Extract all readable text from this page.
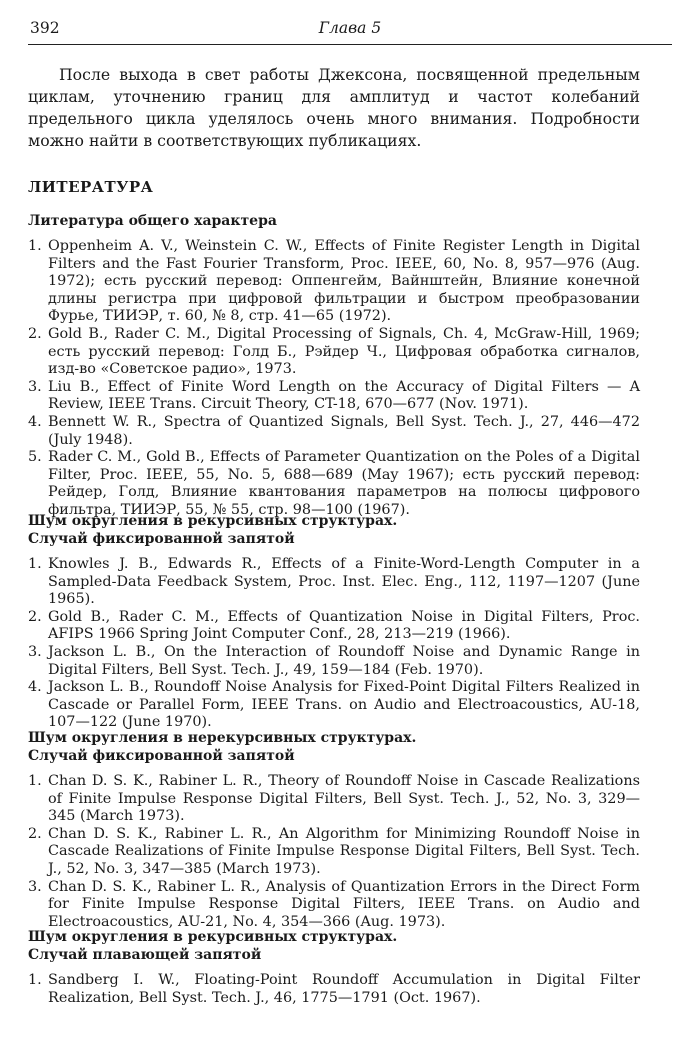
392	Глава 5

После выхода в свет работы Джексона, посвященной предельным циклам, уточнению границ для амплитуд и частот колебаний предельного цикла уделялось очень много внимания. Подробности можно найти в соответствующих публикациях.

ЛИТЕРАТУРА
Литература общего характера
1. Oppenheim A. V., Weinstein C. W., Effects of Finite Register Length in Digital Filters and the Fast Fourier Transform, Proc. IEEE, 60, No. 8, 957—976 (Aug. 1972); есть русский перевод: Оппенгейм, Вайнштейн, Влияние конечной длины регистра при цифровой фильтрации и быстром преобразовании Фурье, ТИИЭР, т. 60, № 8, стр. 41—65 (1972).
2. Gold B., Rader C. M., Digital Processing of Signals, Ch. 4, McGraw-Hill, 1969; есть русский перевод: Голд Б., Рэйдер Ч., Цифровая обработка сигналов, изд-во «Советское радио», 1973.
3. Liu B., Effect of Finite Word Length on the Accuracy of Digital Filters — A Review, IEEE Trans. Circuit Theory, CT-18, 670—677 (Nov. 1971).
4. Bennett W. R., Spectra of Quantized Signals, Bell Syst. Tech. J., 27, 446—472 (July 1948).
5. Rader C. M., Gold B., Effects of Parameter Quantization on the Poles of a Digital Filter, Proc. IEEE, 55, No. 5, 688—689 (May 1967); есть русский перевод: Рейдер, Голд, Влияние квантования параметров на полюсы цифрового фильтра, ТИИЭР, 55, № 55, стр. 98—100 (1967).
Шум округления в рекурсивных структурах.
Случай фиксированной запятой
1. Knowles J. B., Edwards R., Effects of a Finite-Word-Length Computer in a Sampled-Data Feedback System, Proc. Inst. Elec. Eng., 112, 1197—1207 (June 1965).
2. Gold B., Rader C. M., Effects of Quantization Noise in Digital Filters, Proc. AFIPS 1966 Spring Joint Computer Conf., 28, 213—219 (1966).
3. Jackson L. B., On the Interaction of Roundoff Noise and Dynamic Range in Digital Filters, Bell Syst. Tech. J., 49, 159—184 (Feb. 1970).
4. Jackson L. B., Roundoff Noise Analysis for Fixed-Point Digital Filters Realized in Cascade or Parallel Form, IEEE Trans. on Audio and Electroacoustics, AU-18, 107—122 (June 1970).
Шум округления в нерекурсивных структурах.
Случай фиксированной запятой
1. Chan D. S. K., Rabiner L. R., Theory of Roundoff Noise in Cascade Realizations of Finite Impulse Response Digital Filters, Bell Syst. Tech. J., 52, No. 3, 329—345 (March 1973).
2. Chan D. S. K., Rabiner L. R., An Algorithm for Minimizing Roundoff Noise in Cascade Realizations of Finite Impulse Response Digital Filters, Bell Syst. Tech. J., 52, No. 3, 347—385 (March 1973).
3. Chan D. S. K., Rabiner L. R., Analysis of Quantization Errors in the Direct Form for Finite Impulse Response Digital Filters, IEEE Trans. on Audio and Electroacoustics, AU-21, No. 4, 354—366 (Aug. 1973).
Шум округления в рекурсивных структурах.
Случай плавающей запятой
1. Sandberg I. W., Floating-Point Roundoff Accumulation in Digital Filter Realization, Bell Syst. Tech. J., 46, 1775—1791 (Oct. 1967).
